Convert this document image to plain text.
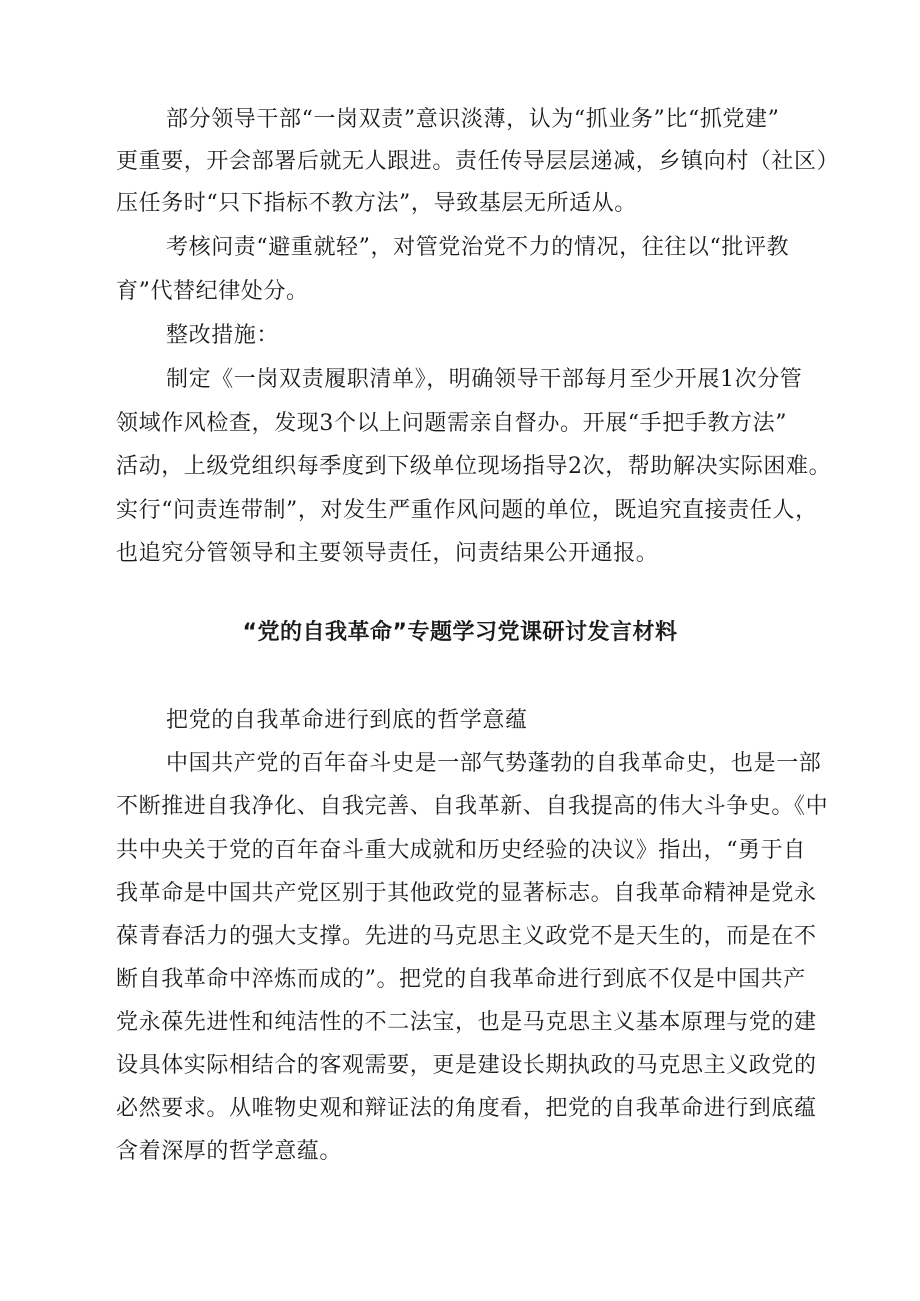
部分领导干部“一岗双责”意识淡薄，认为“抓业务”比“抓党建”

更重要，开会部署后就无人跟进。责任传导层层递减，乡镇向村（社区）

压任务时“只下指标不教方法”，导致基层无所适从。

考核问责“避重就轻”，对管党治党不力的情况，往往以“批评教

育”代替纪律处分。

整改措施：

制定《一岗双责履职清单》，明确领导干部每月至少开展1次分管

领域作风检查，发现3个以上问题需亲自督办。开展“手把手教方法”

活动，上级党组织每季度到下级单位现场指导2次，帮助解决实际困难。

实行“问责连带制”，对发生严重作风问题的单位，既追究直接责任人，

也追究分管领导和主要领导责任，问责结果公开通报。

“党的自我革命”专题学习党课研讨发言材料

把党的自我革命进行到底的哲学意蕴

中国共产党的百年奋斗史是一部气势蓬勃的自我革命史，也是一部

不断推进自我净化、自我完善、自我革新、自我提高的伟大斗争史。《中

共中央关于党的百年奋斗重大成就和历史经验的决议》指出，“勇于自

我革命是中国共产党区别于其他政党的显著标志。自我革命精神是党永

葆青春活力的强大支撑。先进的马克思主义政党不是天生的，而是在不

断自我革命中淬炼而成的”。把党的自我革命进行到底不仅是中国共产

党永葆先进性和纯洁性的不二法宝，也是马克思主义基本原理与党的建

设具体实际相结合的客观需要，更是建设长期执政的马克思主义政党的

必然要求。从唯物史观和辩证法的角度看，把党的自我革命进行到底蕴

含着深厚的哲学意蕴。
